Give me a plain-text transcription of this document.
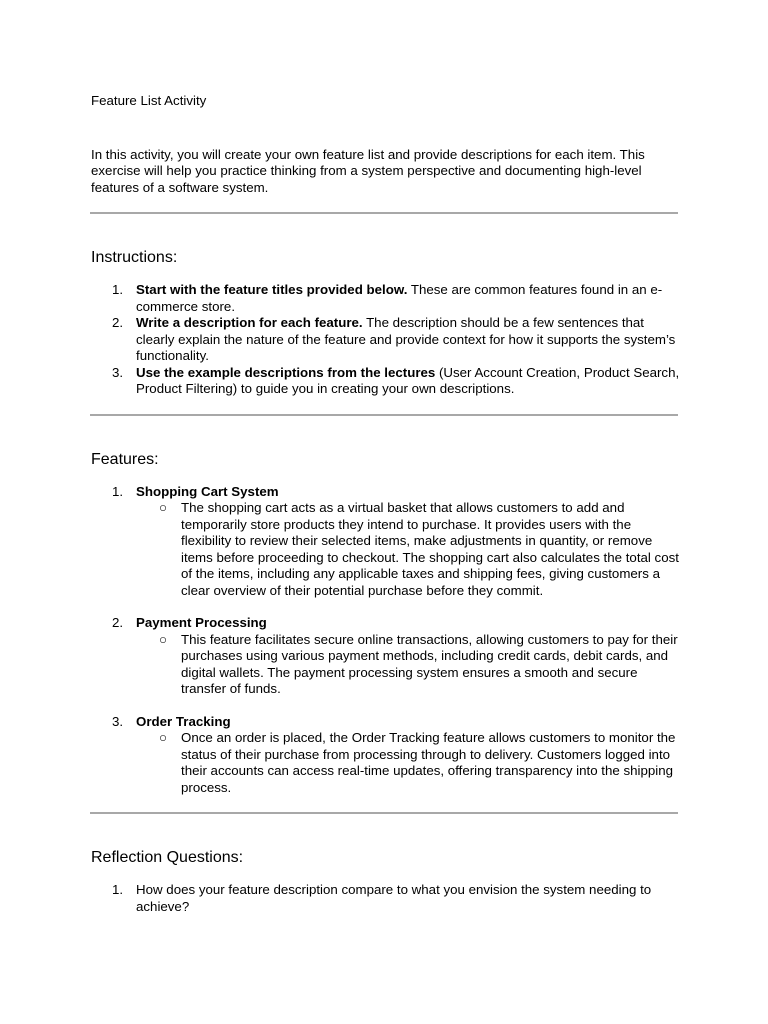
Feature List Activity

In this activity, you will create your own feature list and provide descriptions for each item. This exercise will help you practice thinking from a system perspective and documenting high-level features of a software system.

Instructions:
1. Start with the feature titles provided below. These are common features found in an e-commerce store.
2. Write a description for each feature. The description should be a few sentences that clearly explain the nature of the feature and provide context for how it supports the system’s functionality.
3. Use the example descriptions from the lectures (User Account Creation, Product Search, Product Filtering) to guide you in creating your own descriptions.
Features:
1. Shopping Cart System
○ The shopping cart acts as a virtual basket that allows customers to add and temporarily store products they intend to purchase. It provides users with the flexibility to review their selected items, make adjustments in quantity, or remove items before proceeding to checkout. The shopping cart also calculates the total cost of the items, including any applicable taxes and shipping fees, giving customers a clear overview of their potential purchase before they commit.
2. Payment Processing
○ This feature facilitates secure online transactions, allowing customers to pay for their purchases using various payment methods, including credit cards, debit cards, and digital wallets. The payment processing system ensures a smooth and secure transfer of funds.
3. Order Tracking
○ Once an order is placed, the Order Tracking feature allows customers to monitor the status of their purchase from processing through to delivery. Customers logged into their accounts can access real-time updates, offering transparency into the shipping process.
Reflection Questions:
1. How does your feature description compare to what you envision the system needing to achieve?
